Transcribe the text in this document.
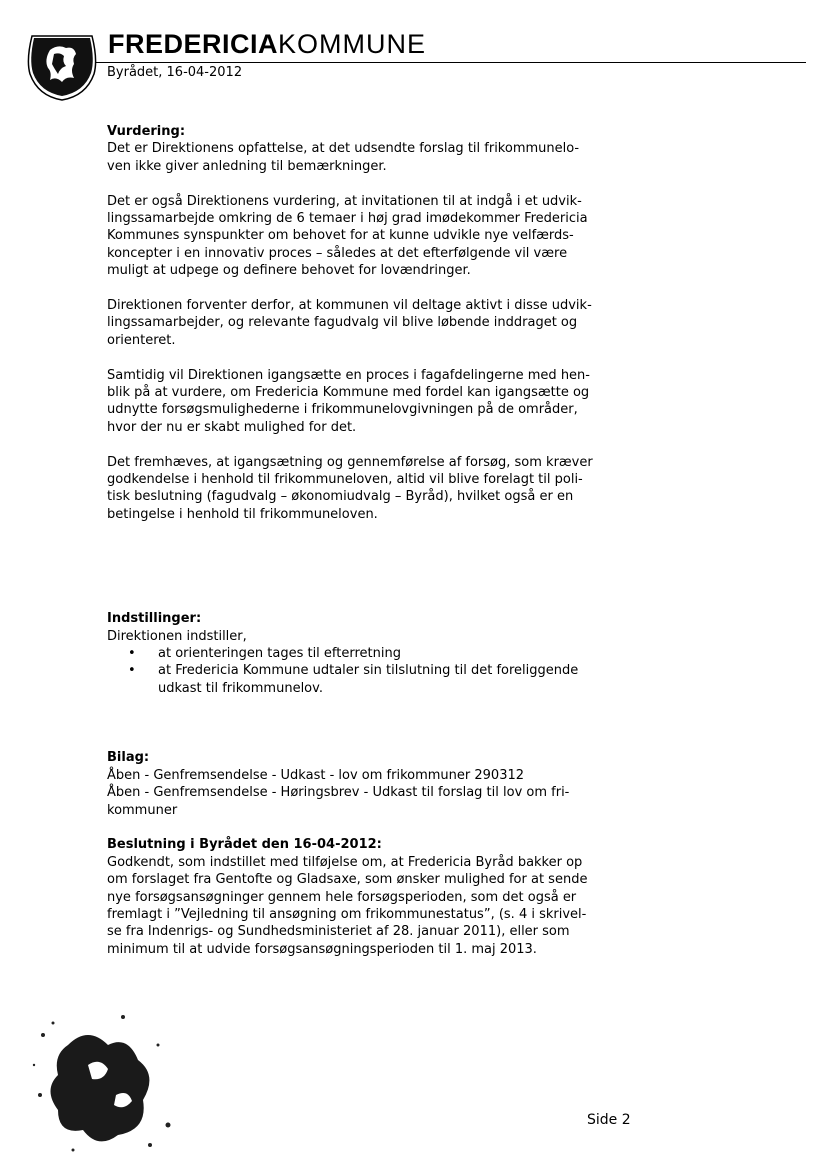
FREDERICIAKOMMUNE
Byrådet, 16-04-2012

Vurdering:

Det er Direktionens opfattelse, at det udsendte forslag til frikommunelo-

ven ikke giver anledning til bemærkninger.

Det er også Direktionens vurdering, at invitationen til at indgå i et udvik-

lingssamarbejde omkring de 6 temaer i høj grad imødekommer Fredericia

Kommunes synspunkter om behovet for at kunne udvikle nye velfærds-

koncepter i en innovativ proces – således at det efterfølgende vil være

muligt at udpege og definere behovet for lovændringer.

Direktionen forventer derfor, at kommunen vil deltage aktivt i disse udvik-

lingssamarbejder, og relevante fagudvalg vil blive løbende inddraget og

orienteret.

Samtidig vil Direktionen igangsætte en proces i fagafdelingerne med hen-

blik på at vurdere, om Fredericia Kommune med fordel kan igangsætte og

udnytte forsøgsmulighederne i frikommunelovgivningen på de områder,

hvor der nu er skabt mulighed for det.

Det fremhæves, at igangsætning og gennemførelse af forsøg, som kræver

godkendelse i henhold til frikommuneloven, altid vil blive forelagt til poli-

tisk beslutning (fagudvalg – økonomiudvalg – Byråd), hvilket også er en

betingelse i henhold til frikommuneloven.

Indstillinger:

Direktionen indstiller,

• at orienteringen tages til efterretning
• at Fredericia Kommune udtaler sin tilslutning til det foreliggende
udkast til frikommunelov.

Bilag:

Åben - Genfremsendelse - Udkast - lov om frikommuner 290312

Åben - Genfremsendelse - Høringsbrev - Udkast til forslag til lov om fri-

kommuner

Beslutning i Byrådet den 16-04-2012:

Godkendt, som indstillet med tilføjelse om, at Fredericia Byråd bakker op

om forslaget fra Gentofte og Gladsaxe, som ønsker mulighed for at sende

nye forsøgsansøgninger gennem hele forsøgsperioden, som det også er

fremlagt i ”Vejledning til ansøgning om frikommunestatus”, (s. 4 i skrivel-

se fra Indenrigs- og Sundhedsministeriet af 28. januar 2011), eller som

minimum til at udvide forsøgsansøgningsperioden til 1. maj 2013.

Side 2
